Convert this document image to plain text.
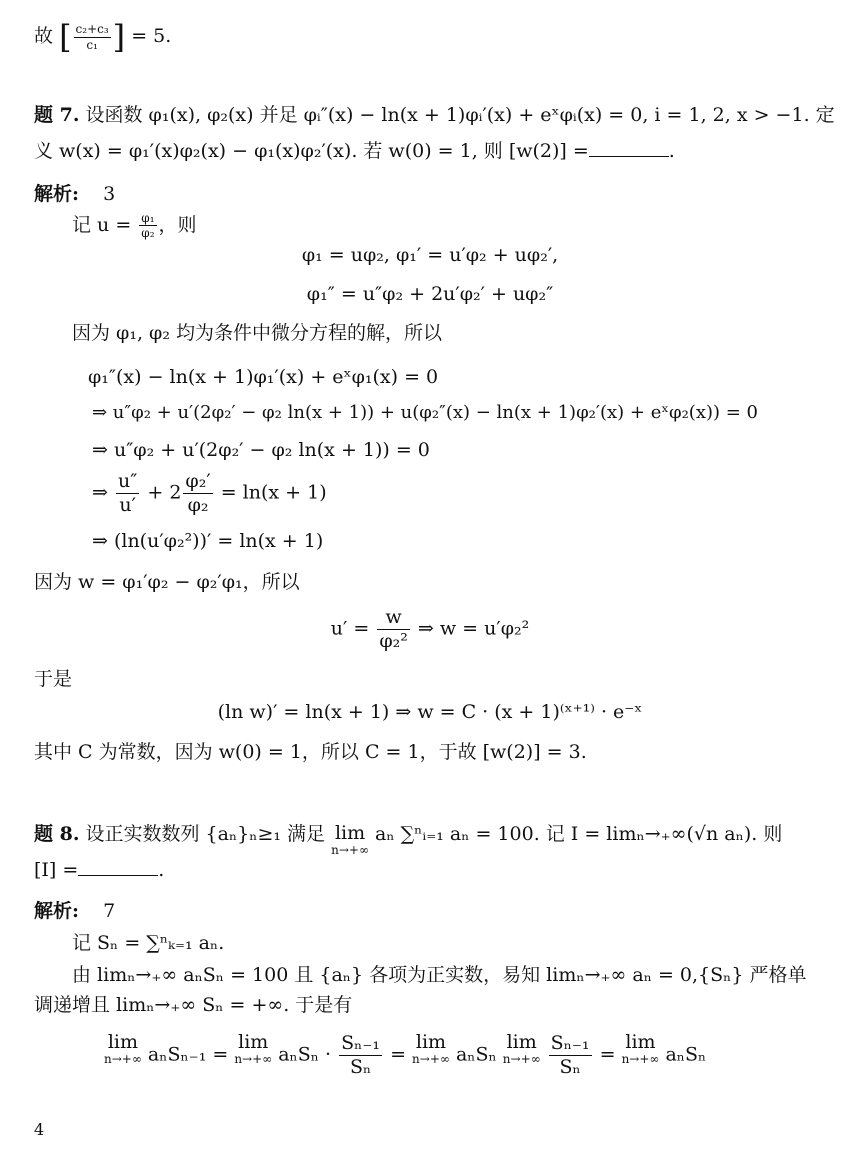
故 [ $\frac{\text{c₂+c₃}}{\text{c₁}}$ ] = 5.
题 7. 设函数 φ₁(x), φ₂(x) 并足 φᵢ″(x) − ln(x + 1)φᵢ′(x) + eˣφᵢ(x) = 0, i = 1, 2, x > −1. 定
义 w(x) = φ₁′(x)φ₂(x) − φ₁(x)φ₂′(x). 若 w(0) = 1, 则 [w(2)] =	.
解析: 3
记 $u = \frac{\text{φ₁}}{\text{φ₂}}$ ，则
φ₁ = uφ₂, φ₁′ = u′φ₂ + uφ₂′,
φ₁″ = u″φ₂ + 2u′φ₂′ + uφ₂″
因为 φ₁, φ₂ 均为条件中微分方程的解，所以
φ₁″(x) − ln(x + 1)φ₁′(x) + eˣφ₁(x) = 0
⇒ u″φ₂ + u′(2φ₂′ − φ₂ ln(x + 1)) + u(φ₂″(x) − ln(x + 1)φ₂′(x) + eˣφ₂(x)) = 0
⇒ u″φ₂ + u′(2φ₂′ − φ₂ ln(x + 1)) = 0
⇒ $\frac{u''}{u'} + 2 \frac{\text{φ₂′}}{\text{φ₂}} = \ln(x + 1)$
⇒ (ln(u′φ₂²))′ = ln(x + 1)
因为 w = φ₁′φ₂ − φ₂′φ₁，所以
$u' = \frac{w}{\text{φ₂²}}$ ⇒ w = u′φ₂²
于是
(ln w)′ = ln(x + 1) ⇒ w = C · (x + 1)⁽ˣ⁺¹⁾ · e⁻ˣ
其中 C 为常数，因为 w(0) = 1，所以 C = 1，于故 [w(2)] = 3.
题 8. 设正实数数列 {aₙ}ₙ≥₁ 满足 lim
n→+∞
aₙ ∑ⁿᵢ₌₁ aₙ = 100. 记 I = limₙ→₊∞(√n aₙ). 则
[I] =	.
解析: 7
记 Sₙ = ∑ⁿₖ₌₁ aₙ.
由 limₙ→₊∞ aₙSₙ = 100 且 {aₙ} 各项为正实数，易知 limₙ→₊∞ aₙ = 0,{Sₙ} 严格单
调递增且 limₙ→₊∞ Sₙ = +∞. 于是有
lim
n→+∞ aₙSₙ₋₁ = lim
n→+∞ $a_nS_n \cdot \frac{\text{Sₙ₋₁}}{\text{Sₙ}} = \lim$
n→+∞ aₙSₙ lim
n→+∞
$\frac{\text{Sₙ₋₁}}{\text{Sₙ}} = \lim$
n→+∞ aₙSₙ
4
